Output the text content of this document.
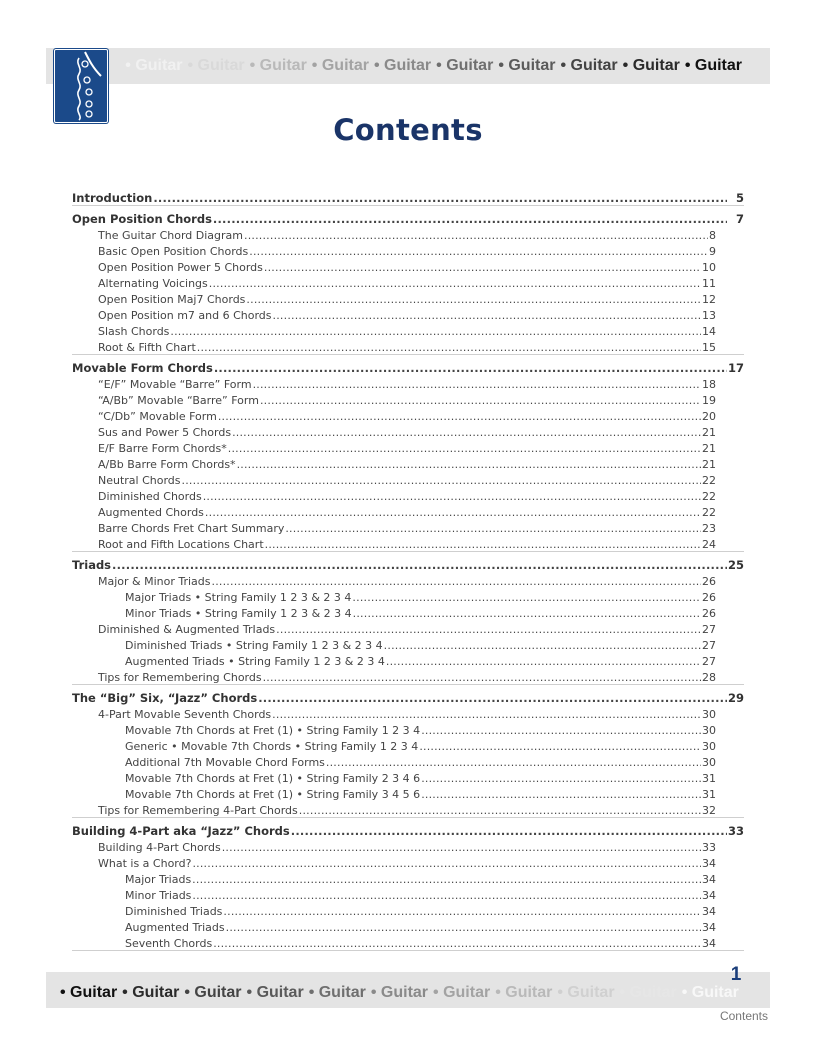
• Guitar • Guitar • Guitar • Guitar • Guitar • Guitar • Guitar • Guitar • Guitar • Guitar
Contents
Introduction .....	5
Open Position Chords .....	7
The Guitar Chord Diagram .....	8
Basic Open Position Chords .....	9
Open Position Power 5 Chords .....	10
Alternating Voicings .....	11
Open Position Maj7 Chords .....	12
Open Position m7 and 6 Chords .....	13
Slash Chords .....	14
Root & Fifth Chart .....	15
Movable Form Chords .....	17
“E/F” Movable “Barre” Form .....	18
“A/Bb” Movable “Barre” Form .....	19
“C/Db” Movable Form .....	20
Sus and Power 5 Chords .....	21
E/F Barre Form Chords* .....	21
A/Bb Barre Form Chords* .....	21
Neutral Chords .....	22
Diminished Chords .....	22
Augmented Chords .....	22
Barre Chords Fret Chart Summary .....	23
Root and Fifth Locations Chart .....	24
Triads .....	25
Major & Minor Triads .....	26
Major Triads • String Family 1 2 3 & 2 3 4 .....	26
Minor Triads • String Family 1 2 3 & 2 3 4 .....	26
Diminished & Augmented TrIads .....	27
Diminished Triads • String Family 1 2 3 & 2 3 4 .....	27
Augmented Triads • String Family 1 2 3 & 2 3 4 .....	27
Tips for Remembering Chords .....	28
The “Big” Six, “Jazz” Chords .....	29
4-Part Movable Seventh Chords .....	30
Movable 7th Chords at Fret (1) • String Family 1 2 3 4 .....	30
Generic • Movable 7th Chords • String Family 1 2 3 4 .....	30
Additional 7th Movable Chord Forms .....	30
Movable 7th Chords at Fret (1) • String Family 2 3 4 6 .....	31
Movable 7th Chords at Fret (1) • String Family 3 4 5 6 .....	31
Tips for Remembering 4-Part Chords .....	32
Building 4-Part aka “Jazz” Chords .....	33
Building 4-Part Chords .....	33
What is a Chord? .....	34
Major Triads .....	34
Minor Triads .....	34
Diminished Triads .....	34
Augmented Triads .....	34
Seventh Chords .....	34
• Guitar • Guitar • Guitar • Guitar • Guitar • Guitar • Guitar • Guitar • Guitar • Guitar • Guitar
1
Contents
